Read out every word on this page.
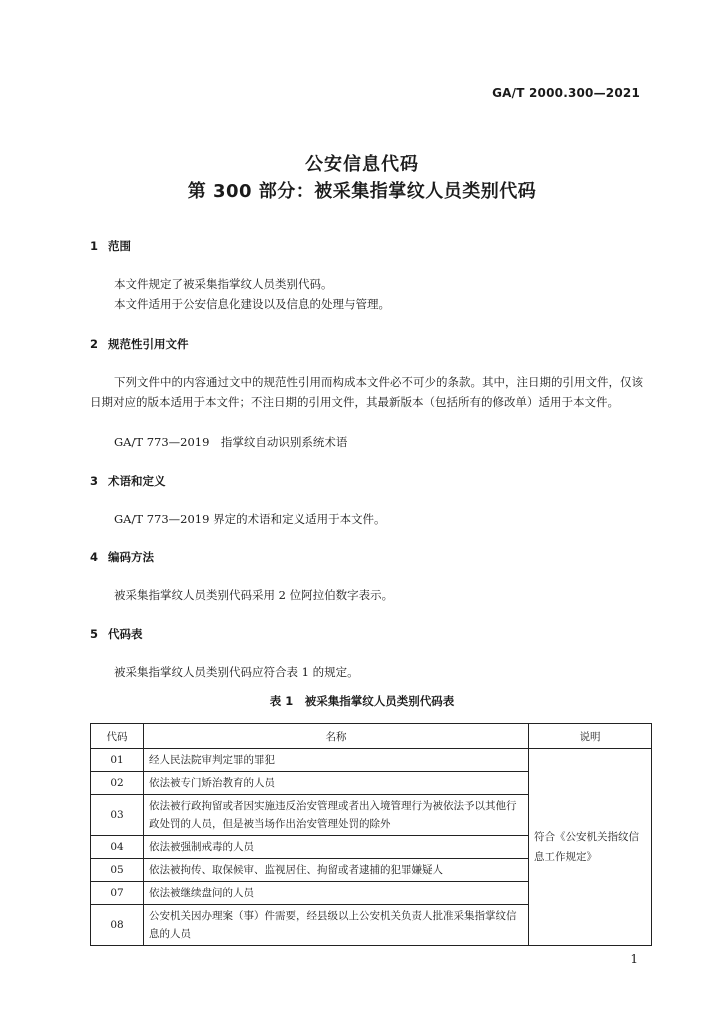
GA/T 2000.300—2021
公安信息代码
第 300 部分：被采集指掌纹人员类别代码
1 范围
本文件规定了被采集指掌纹人员类别代码。
本文件适用于公安信息化建设以及信息的处理与管理。
2 规范性引用文件
下列文件中的内容通过文中的规范性引用而构成本文件必不可少的条款。其中，注日期的引用文件，仅该日期对应的版本适用于本文件；不注日期的引用文件，其最新版本（包括所有的修改单）适用于本文件。
GA/T 773—2019　指掌纹自动识别系统术语
3 术语和定义
GA/T 773—2019 界定的术语和定义适用于本文件。
4 编码方法
被采集指掌纹人员类别代码采用 2 位阿拉伯数字表示。
5 代码表
被采集指掌纹人员类别代码应符合表 1 的规定。
表 1　被采集指掌纹人员类别代码表
代码	名称	说明
01	经人民法院审判定罪的罪犯	符合《公安机关指纹信息工作规定》
02	依法被专门矫治教育的人员	
03	依法被行政拘留或者因实施违反治安管理或者出入境管理行为被依法予以其他行政处罚的人员，但是被当场作出治安管理处罚的除外	
04	依法被强制戒毒的人员	
05	依法被拘传、取保候审、监视居住、拘留或者逮捕的犯罪嫌疑人	
07	依法被继续盘问的人员	
08	公安机关因办理案（事）件需要，经县级以上公安机关负责人批准采集指掌纹信息的人员	
1
